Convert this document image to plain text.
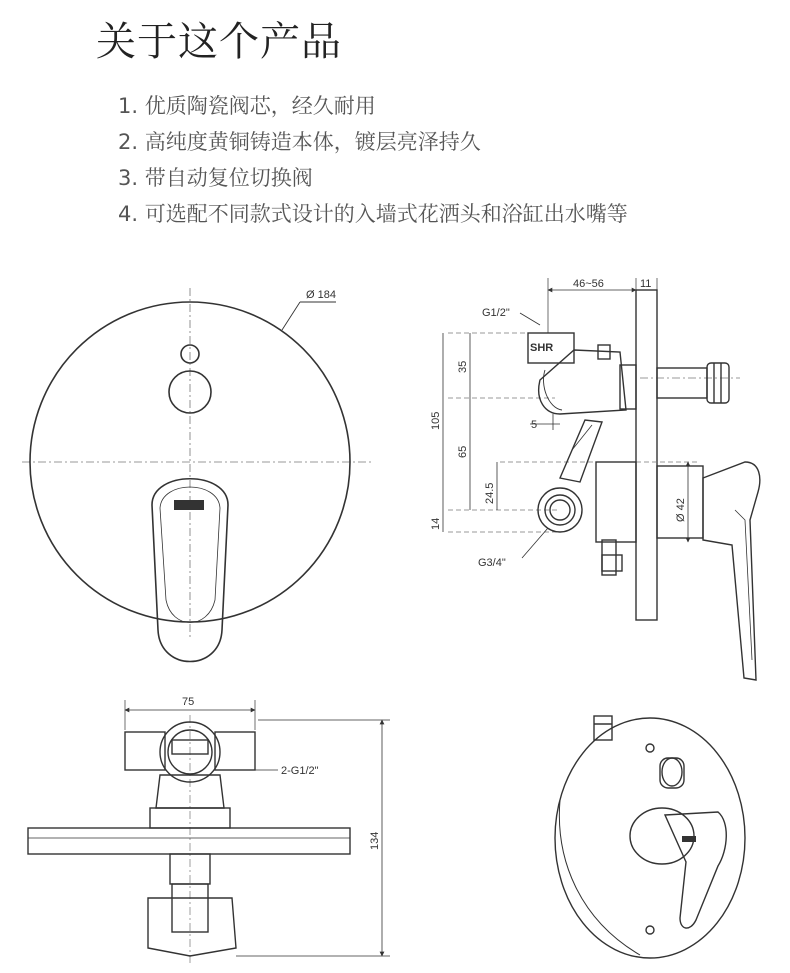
关于这个产品
1. 优质陶瓷阀芯，经久耐用
2. 高纯度黄铜铸造本体，镀层亮泽持久
3. 带自动复位切换阀
4. 可选配不同款式设计的入墙式花洒头和浴缸出水嘴等
Ø 184
46~56	11
G1/2"
SHR
35
105
65
5
24.5
14
Ø 42
G3/4"
75
2-G1/2"
134
